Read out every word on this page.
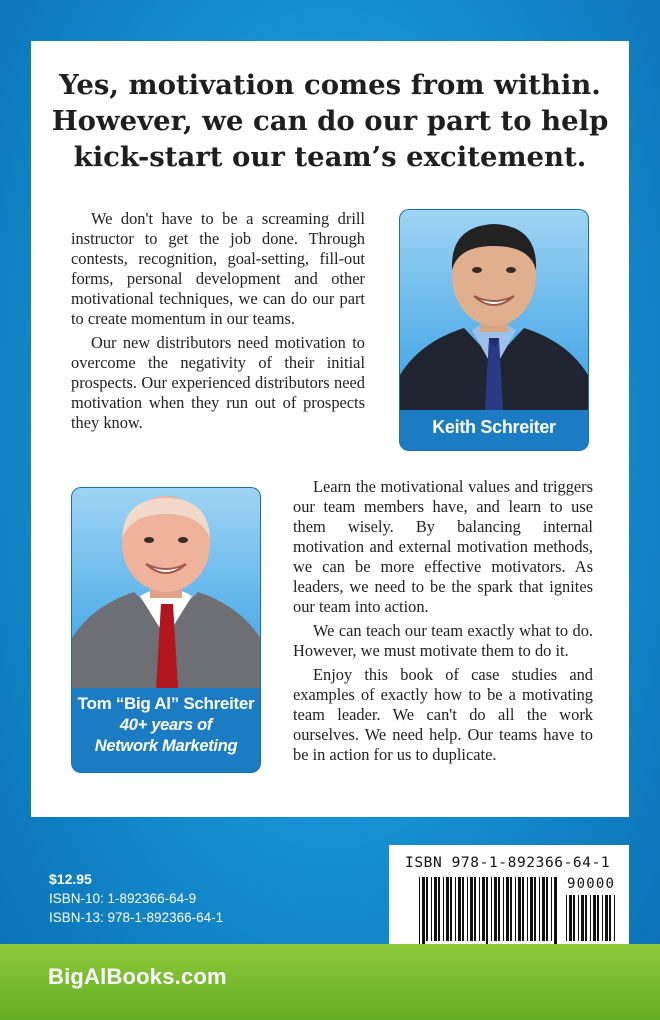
Yes, motivation comes from within.
However, we can do our part to help
kick-start our team’s excitement.

We don't have to be a screaming drill instructor to get the job done. Through contests, recognition, goal-setting, fill-out forms, personal development and other motivational techniques, we can do our part to create momentum in our teams.

Our new distributors need motivation to overcome the negativity of their initial prospects. Our experienced distributors need motivation when they run out of prospects they know.	Keith Schreiter
Tom “Big Al” Schreiter
40+ years of
Network Marketing

Learn the motivational values and triggers our team members have, and learn to use them wisely. By balancing internal motivation and external motivation methods, we can be more effective motivators. As leaders, we need to be the spark that ignites our team into action.

We can teach our team exactly what to do. However, we must motivate them to do it.

Enjoy this book of case studies and examples of exactly how to be a motivating team leader. We can't do all the work ourselves. We need help. Our teams have to be in action for us to duplicate.

$12.95
ISBN-10: 1-892366-64-9
ISBN-13: 978-1-892366-64-1
ISBN 978-1-892366-64-1
90000
BigAlBooks.com
